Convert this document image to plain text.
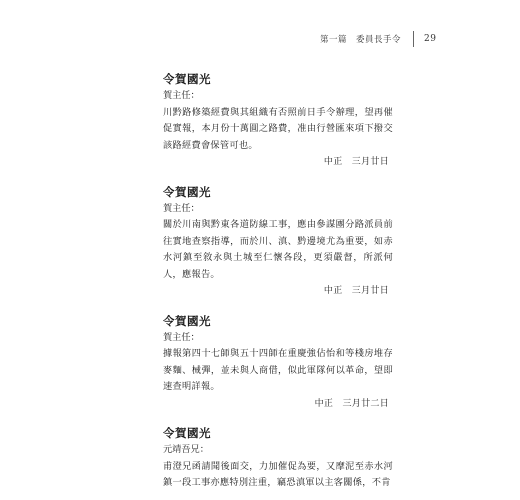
第一篇　委員長手令	29

令賀國光

賀主任：

川黔路修築經費與其組織有否照前日手令辦理，望再催促實報，本月份十萬圓之路費，准由行營匯來項下撥交該路經費會保管可也。

中正　三月廿日

令賀國光

賀主任：

關於川南與黔東各道防線工事，應由參謀團分路派員前往實地查察指導，而於川、滇、黔邊境尤為重要，如赤水河鎮至敘永與土城至仁懷各段，更須嚴督，所派何人，應報告。

中正　三月廿日

令賀國光

賀主任：

據報第四十七師與五十四師在重慶強佔怡和等棧房堆存麥麵、械彈，並未與人商借，似此軍隊何以革命，望即速查明詳報。

中正　三月廿二日

令賀國光

元靖吾兄：

甫澄兄函請聞後面交，力加催促為要，又摩泥至赤水河鎮一段工事亦應特別注重，竊恐滇軍以主客關係，不肯
